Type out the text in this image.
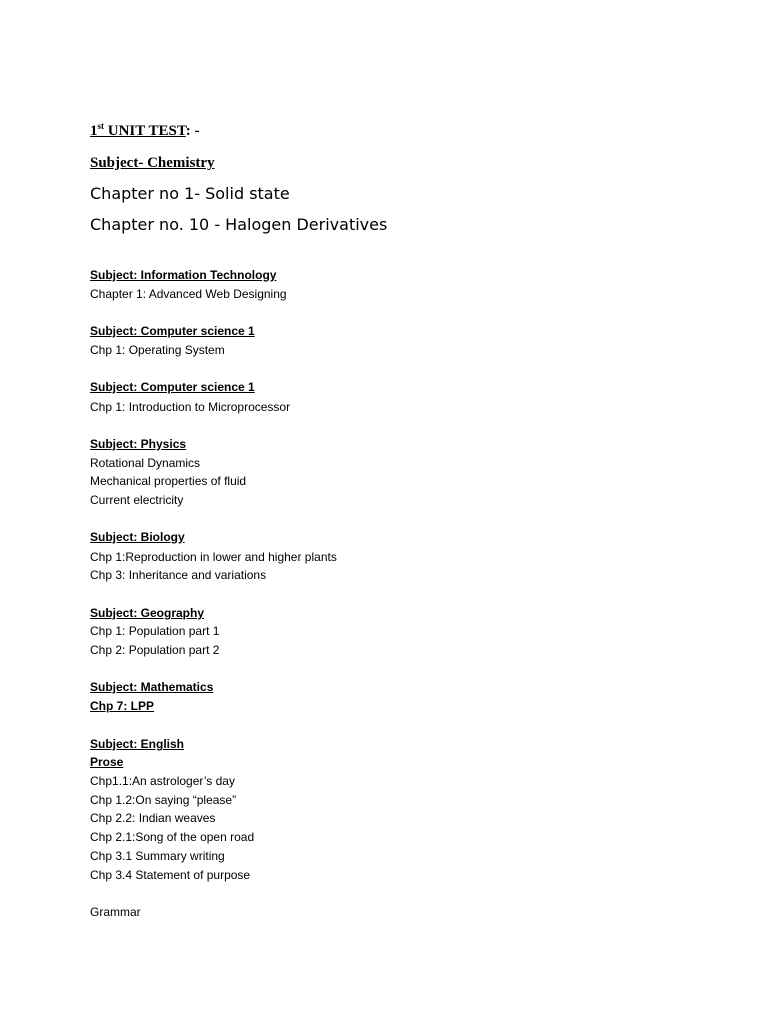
1st UNIT TEST: -
Subject- Chemistry
Chapter no 1- Solid state
Chapter no. 10 - Halogen Derivatives
Subject: Information Technology
Chapter 1: Advanced Web Designing
Subject: Computer science 1
Chp 1: Operating System
Subject: Computer science 1
Chp 1: Introduction to Microprocessor
Subject: Physics
Rotational Dynamics
Mechanical properties of fluid
Current electricity
Subject: Biology
Chp 1:Reproduction in lower and higher plants
Chp 3: Inheritance and variations
Subject: Geography
Chp 1: Population part 1
Chp 2: Population part 2
Subject: Mathematics
Chp 7: LPP
Subject: English
Prose
Chp1.1:An astrologer’s day
Chp 1.2:On saying “please”
Chp 2.2: Indian weaves
Chp 2.1:Song of the open road
Chp 3.1 Summary writing
Chp 3.4 Statement of purpose
Grammar
